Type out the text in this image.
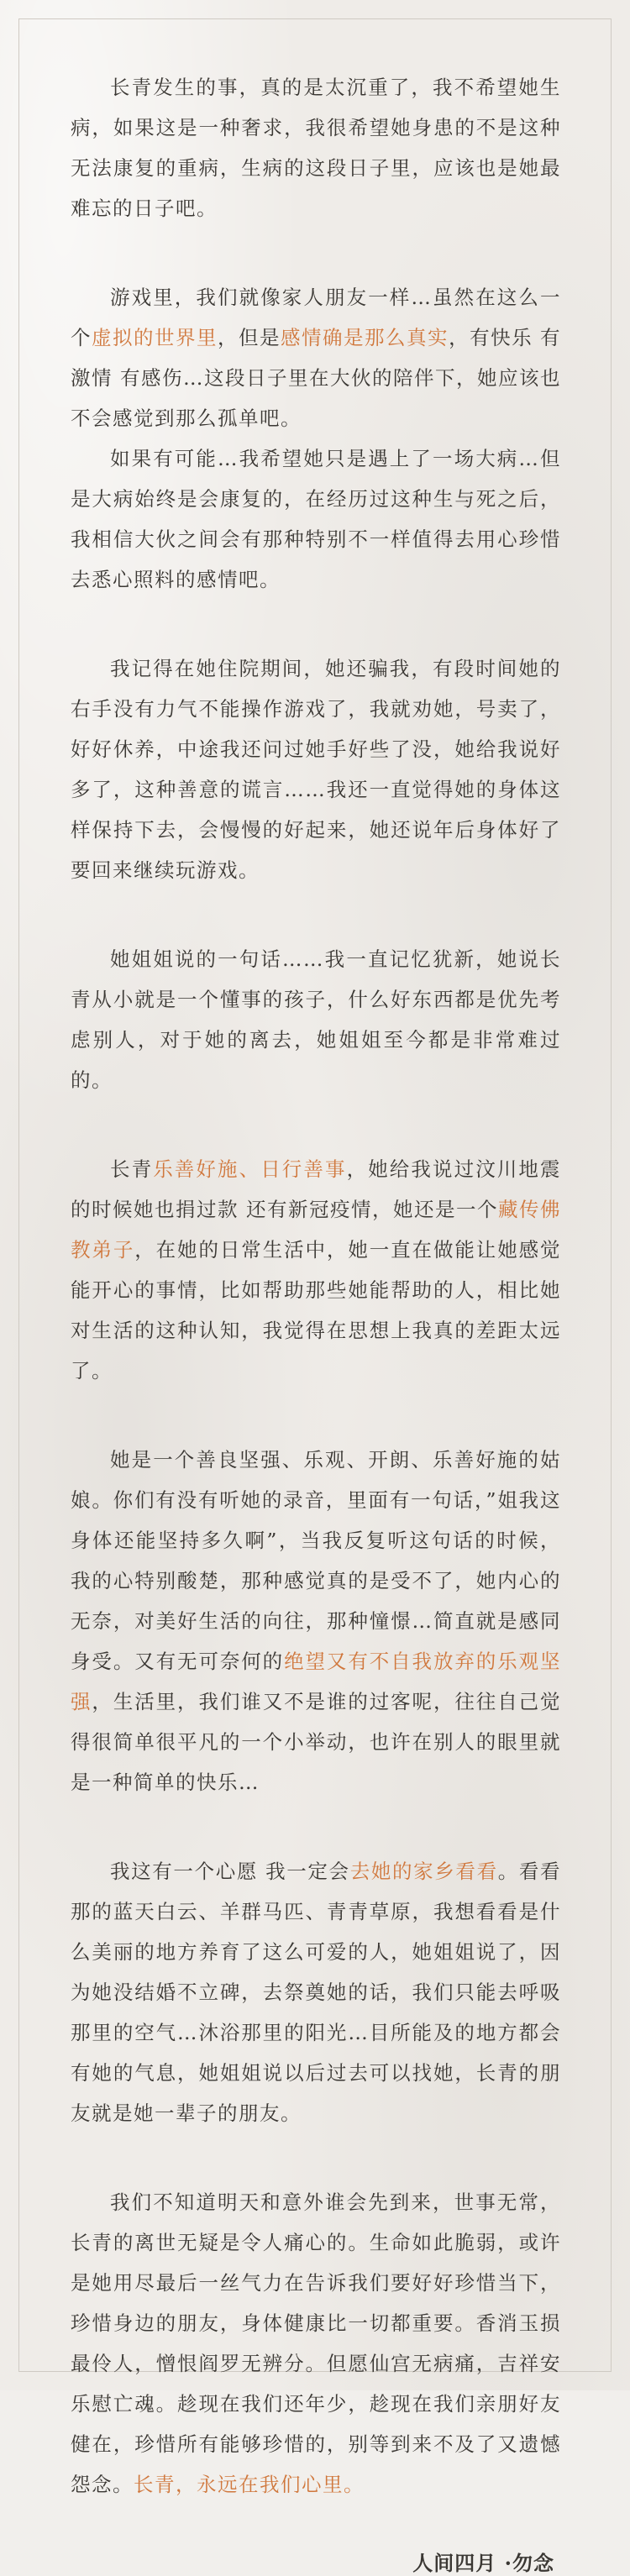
长青发生的事，真的是太沉重了，我不希望她生病，如果这是一种奢求，我很希望她身患的不是这种无法康复的重病，生病的这段日子里，应该也是她最难忘的日子吧。
游戏里，我们就像家人朋友一样…虽然在这么一个虚拟的世界里，但是感情确是那么真实，有快乐 有激情 有感伤…这段日子里在大伙的陪伴下，她应该也不会感觉到那么孤单吧。
如果有可能…我希望她只是遇上了一场大病…但是大病始终是会康复的，在经历过这种生与死之后，我相信大伙之间会有那种特别不一样值得去用心珍惜去悉心照料的感情吧。
我记得在她住院期间，她还骗我，有段时间她的右手没有力气不能操作游戏了，我就劝她，号卖了，好好休养，中途我还问过她手好些了没，她给我说好多了，这种善意的谎言……我还一直觉得她的身体这样保持下去，会慢慢的好起来，她还说年后身体好了要回来继续玩游戏。
她姐姐说的一句话……我一直记忆犹新，她说长青从小就是一个懂事的孩子，什么好东西都是优先考虑别人，对于她的离去，她姐姐至今都是非常难过的。
长青乐善好施、日行善事，她给我说过汶川地震的时候她也捐过款 还有新冠疫情，她还是一个藏传佛教弟子，在她的日常生活中，她一直在做能让她感觉能开心的事情，比如帮助那些她能帮助的人，相比她对生活的这种认知，我觉得在思想上我真的差距太远了。
她是一个善良坚强、乐观、开朗、乐善好施的姑娘。你们有没有听她的录音，里面有一句话，”姐我这身体还能坚持多久啊”，当我反复听这句话的时候，我的心特别酸楚，那种感觉真的是受不了，她内心的无奈，对美好生活的向往，那种憧憬…简直就是感同身受。又有无可奈何的绝望又有不自我放弃的乐观坚强，生活里，我们谁又不是谁的过客呢，往往自己觉得很简单很平凡的一个小举动，也许在别人的眼里就是一种简单的快乐…
我这有一个心愿 我一定会去她的家乡看看。看看那的蓝天白云、羊群马匹、青青草原，我想看看是什么美丽的地方养育了这么可爱的人，她姐姐说了，因为她没结婚不立碑，去祭奠她的话，我们只能去呼吸那里的空气…沐浴那里的阳光…目所能及的地方都会有她的气息，她姐姐说以后过去可以找她，长青的朋友就是她一辈子的朋友。
我们不知道明天和意外谁会先到来，世事无常，长青的离世无疑是令人痛心的。生命如此脆弱，或许是她用尽最后一丝气力在告诉我们要好好珍惜当下，珍惜身边的朋友，身体健康比一切都重要。香消玉损最伶人，憎恨阎罗无辨分。但愿仙宫无病痛，吉祥安乐慰亡魂。趁现在我们还年少，趁现在我们亲朋好友健在，珍惜所有能够珍惜的，别等到来不及了又遗憾怨念。长青，永远在我们心里。
人间四月 ·勿念
